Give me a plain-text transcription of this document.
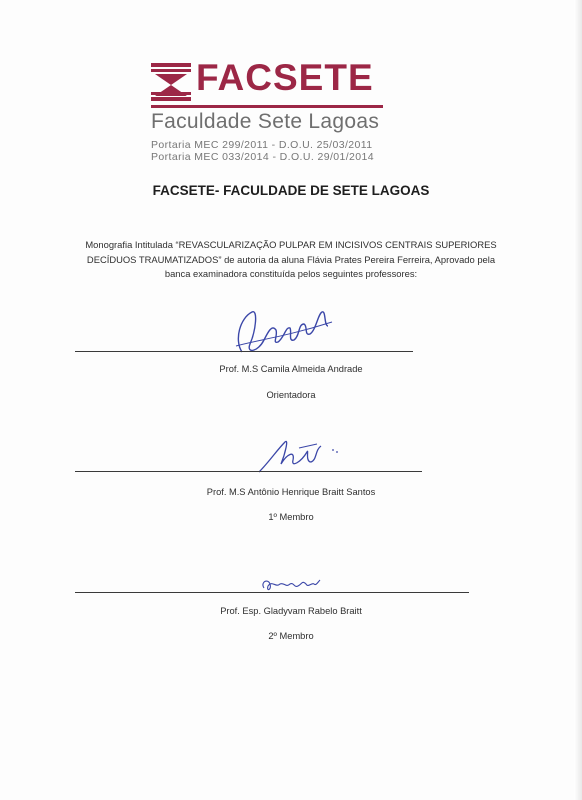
FACSETE
Faculdade Sete Lagoas
Portaria MEC 299/2011 - D.O.U. 25/03/2011
Portaria MEC 033/2014 - D.O.U. 29/01/2014
FACSETE- FACULDADE DE SETE LAGOAS
Monografia Intitulada “REVASCULARIZAÇÃO PULPAR EM INCISIVOS CENTRAIS SUPERIORES
DECÍDUOS TRAUMATIZADOS” de autoria da aluna Flávia Prates Pereira Ferreira, Aprovado pela
banca examinadora constituída pelos seguintes professores:
Prof. M.S Camila Almeida Andrade
Orientadora
Prof. M.S Antônio Henrique Braitt Santos
1º Membro
Prof. Esp. Gladyvam Rabelo Braitt
2º Membro
